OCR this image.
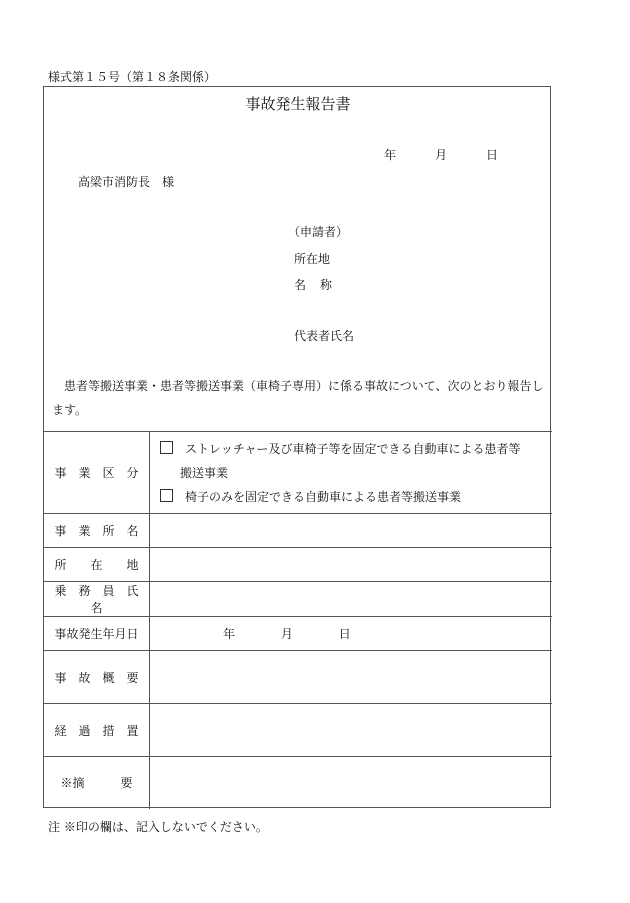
様式第１５号（第１８条関係）
事故発生報告書
年	月	日
高梁市消防長　様
（申請者）
所在地
名　称
代表者氏名
患者等搬送事業・患者等搬送事業（車椅子専用）に係る事故について、次のとおり報告します。
事　業　区　分	ストレッチャー及び車椅子等を固定できる自動車による患者等
搬送事業
椅子のみを固定できる自動車による患者等搬送事業

事　業　所　名	
所　　在　　地	
乗　務　員　氏　名	
事故発生年月日	年 月 日
事　故　概　要	
経　過　措　置	
※摘　　　要	
注 ※印の欄は、記入しないでください。
